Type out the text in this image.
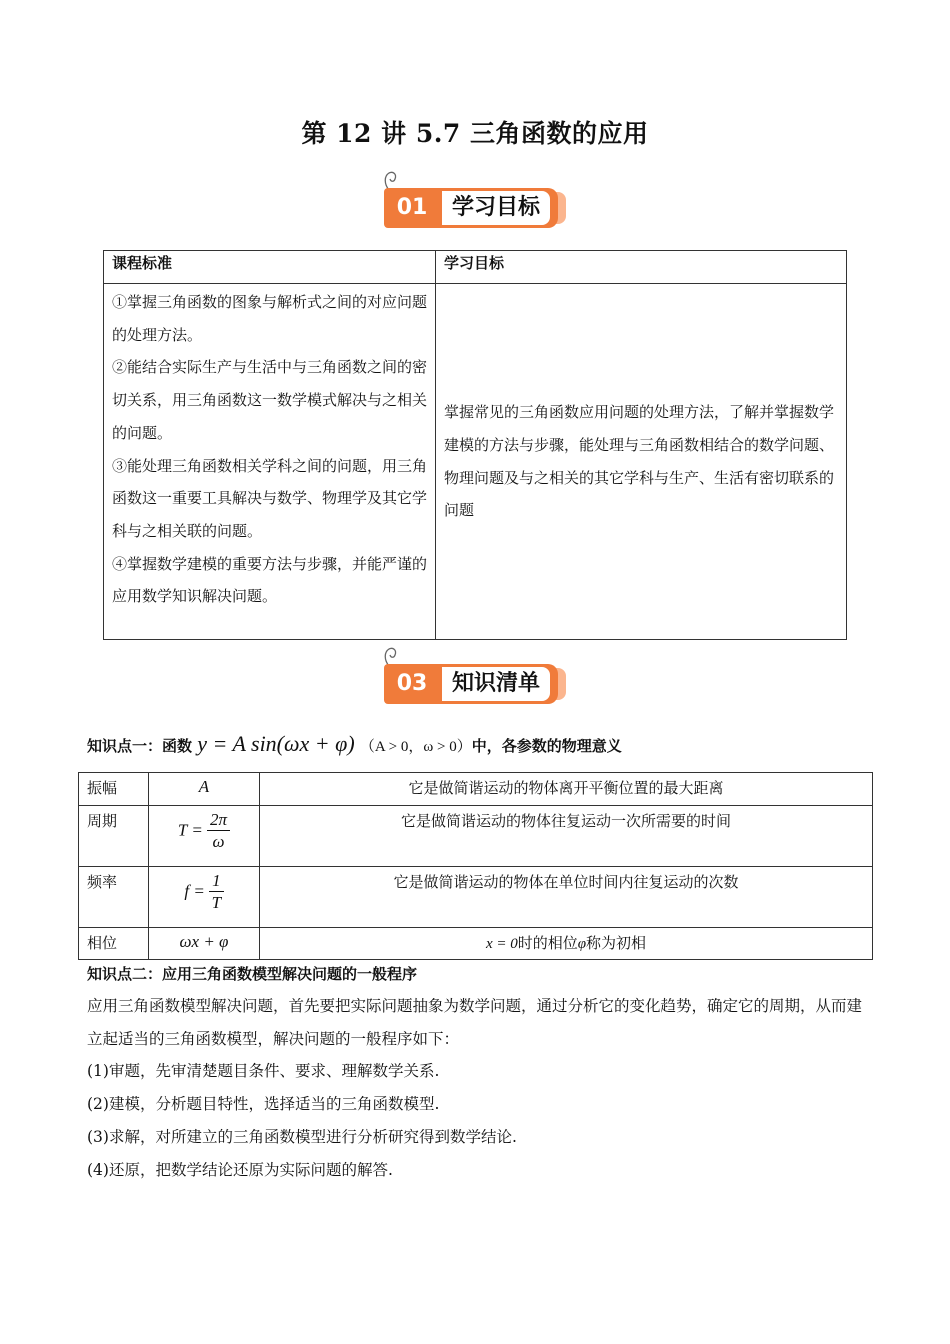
第 12 讲 5.7 三角函数的应用
01	学习目标
课程标准	学习目标

①掌握三角函数的图象与解析式之间的对应问题的处理方法。
②能结合实际生产与生活中与三角函数之间的密切关系，用三角函数这一数学模式解决与之相关的问题。
③能处理三角函数相关学科之间的问题，用三角函数这一重要工具解决与数学、物理学及其它学科与之相关联的问题。
④掌握数学建模的重要方法与步骤，并能严谨的应用数学知识解决问题。	掌握常见的三角函数应用问题的处理方法，了解并掌握数学建模的方法与步骤，能处理与三角函数相结合的数学问题、物理问题及与之相关的其它学科与生产、生活有密切联系的问题
03	知识清单
知识点一：函数 y = A sin(ωx + φ) （A > 0，ω > 0）中，各参数的物理意义
振幅	A	它是做简谐运动的物体离开平衡位置的最大距离
周期	$T = \frac{2\pi}{\omega}$	它是做简谐运动的物体往复运动一次所需要的时间
频率	$f = \frac{1}{T}$	它是做简谐运动的物体在单位时间内往复运动的次数
相位	ωx + φ	x = 0时的相位φ称为初相
知识点二：应用三角函数模型解决问题的一般程序
应用三角函数模型解决问题，首先要把实际问题抽象为数学问题，通过分析它的变化趋势，确定它的周期，从而建立起适当的三角函数模型，解决问题的一般程序如下：
(1)审题，先审清楚题目条件、要求、理解数学关系.
(2)建模，分析题目特性，选择适当的三角函数模型.
(3)求解，对所建立的三角函数模型进行分析研究得到数学结论.
(4)还原，把数学结论还原为实际问题的解答.
